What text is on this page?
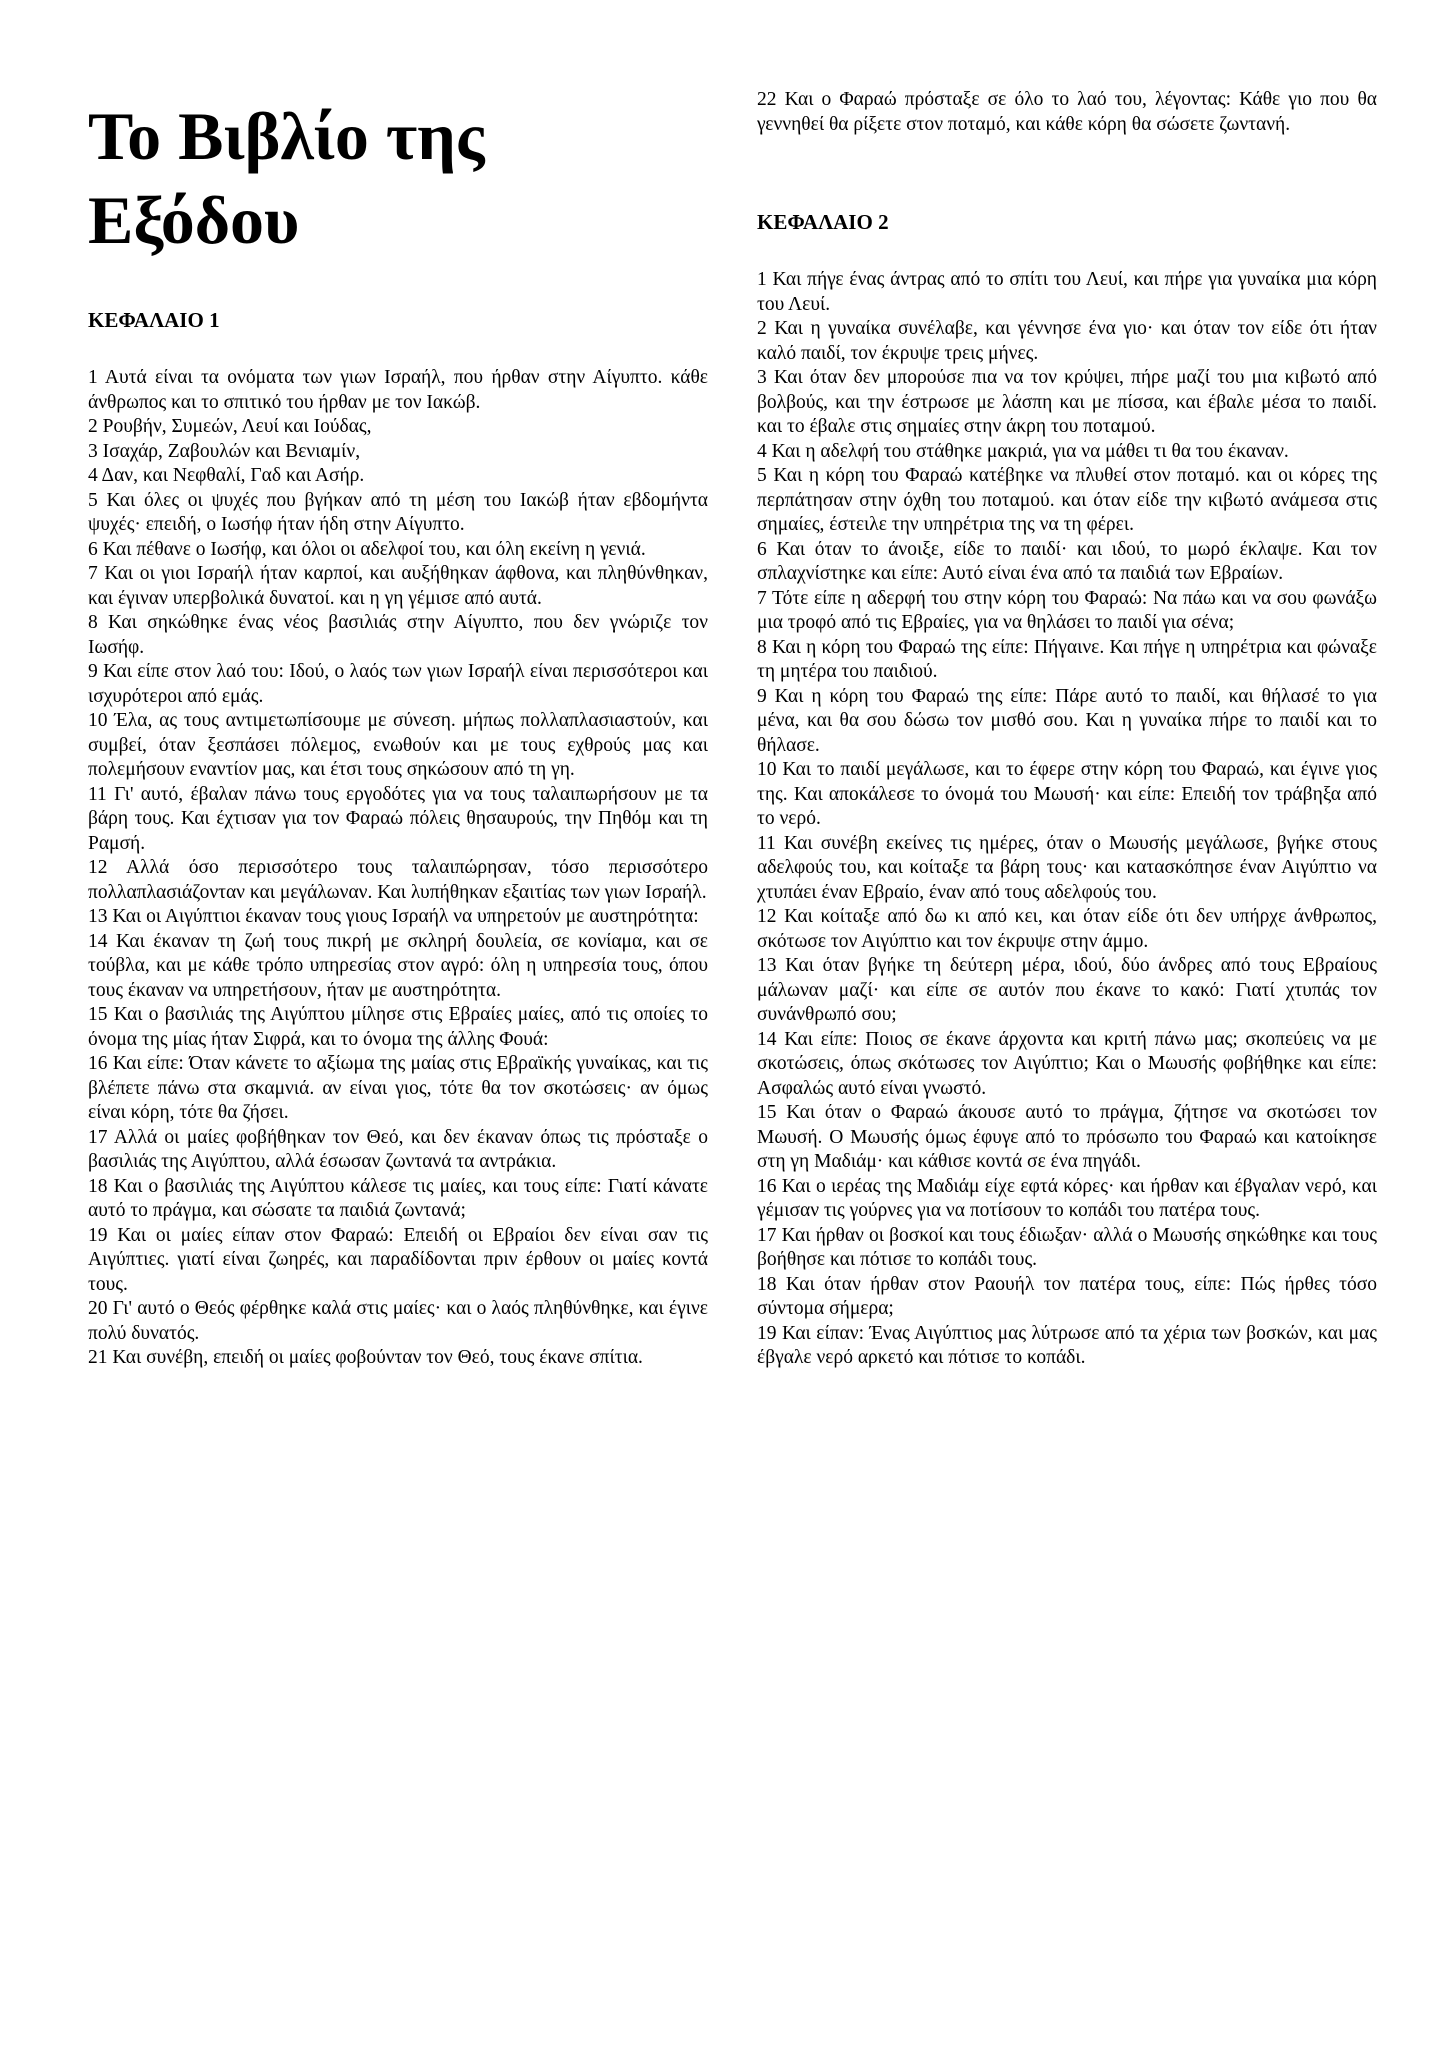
Το Βιβλίο της Εξόδου
ΚΕΦΑΛΑΙΟ 1
1 Αυτά είναι τα ονόματα των γιων Ισραήλ, που ήρθαν στην Αίγυπτο. κάθε άνθρωπος και το σπιτικό του ήρθαν με τον Ιακώβ.
2 Ρουβήν, Συμεών, Λευί και Ιούδας,
3 Ισαχάρ, Ζαβουλών και Βενιαμίν,
4 Δαν, και Νεφθαλί, Γαδ και Ασήρ.
5 Και όλες οι ψυχές που βγήκαν από τη μέση του Ιακώβ ήταν εβδομήντα ψυχές· επειδή, ο Ιωσήφ ήταν ήδη στην Αίγυπτο.
6 Και πέθανε ο Ιωσήφ, και όλοι οι αδελφοί του, και όλη εκείνη η γενιά.
7 Και οι γιοι Ισραήλ ήταν καρποί, και αυξήθηκαν άφθονα, και πληθύνθηκαν, και έγιναν υπερβολικά δυνατοί. και η γη γέμισε από αυτά.
8 Και σηκώθηκε ένας νέος βασιλιάς στην Αίγυπτο, που δεν γνώριζε τον Ιωσήφ.
9 Και είπε στον λαό του: Ιδού, ο λαός των γιων Ισραήλ είναι περισσότεροι και ισχυρότεροι από εμάς.
10 Έλα, ας τους αντιμετωπίσουμε με σύνεση. μήπως πολλαπλασιαστούν, και συμβεί, όταν ξεσπάσει πόλεμος, ενωθούν και με τους εχθρούς μας και πολεμήσουν εναντίον μας, και έτσι τους σηκώσουν από τη γη.
11 Γι' αυτό, έβαλαν πάνω τους εργοδότες για να τους ταλαιπωρήσουν με τα βάρη τους. Και έχτισαν για τον Φαραώ πόλεις θησαυρούς, την Πηθόμ και τη Ραμσή.
12 Αλλά όσο περισσότερο τους ταλαιπώρησαν, τόσο περισσότερο πολλαπλασιάζονταν και μεγάλωναν. Και λυπήθηκαν εξαιτίας των γιων Ισραήλ.
13 Και οι Αιγύπτιοι έκαναν τους γιους Ισραήλ να υπηρετούν με αυστηρότητα:
14 Και έκαναν τη ζωή τους πικρή με σκληρή δουλεία, σε κονίαμα, και σε τούβλα, και με κάθε τρόπο υπηρεσίας στον αγρό: όλη η υπηρεσία τους, όπου τους έκαναν να υπηρετήσουν, ήταν με αυστηρότητα.
15 Και ο βασιλιάς της Αιγύπτου μίλησε στις Εβραίες μαίες, από τις οποίες το όνομα της μίας ήταν Σιφρά, και το όνομα της άλλης Φουά:
16 Και είπε: Όταν κάνετε το αξίωμα της μαίας στις Εβραϊκής γυναίκας, και τις βλέπετε πάνω στα σκαμνιά. αν είναι γιος, τότε θα τον σκοτώσεις· αν όμως είναι κόρη, τότε θα ζήσει.
17 Αλλά οι μαίες φοβήθηκαν τον Θεό, και δεν έκαναν όπως τις πρόσταξε ο βασιλιάς της Αιγύπτου, αλλά έσωσαν ζωντανά τα αντράκια.
18 Και ο βασιλιάς της Αιγύπτου κάλεσε τις μαίες, και τους είπε: Γιατί κάνατε αυτό το πράγμα, και σώσατε τα παιδιά ζωντανά;
19 Και οι μαίες είπαν στον Φαραώ: Επειδή οι Εβραίοι δεν είναι σαν τις Αιγύπτιες. γιατί είναι ζωηρές, και παραδίδονται πριν έρθουν οι μαίες κοντά τους.
20 Γι' αυτό ο Θεός φέρθηκε καλά στις μαίες· και ο λαός πληθύνθηκε, και έγινε πολύ δυνατός.
21 Και συνέβη, επειδή οι μαίες φοβούνταν τον Θεό, τους έκανε σπίτια.
22 Και ο Φαραώ πρόσταξε σε όλο το λαό του, λέγοντας: Κάθε γιο που θα γεννηθεί θα ρίξετε στον ποταμό, και κάθε κόρη θα σώσετε ζωντανή.
ΚΕΦΑΛΑΙΟ 2
1 Και πήγε ένας άντρας από το σπίτι του Λευί, και πήρε για γυναίκα μια κόρη του Λευί.
2 Και η γυναίκα συνέλαβε, και γέννησε ένα γιο· και όταν τον είδε ότι ήταν καλό παιδί, τον έκρυψε τρεις μήνες.
3 Και όταν δεν μπορούσε πια να τον κρύψει, πήρε μαζί του μια κιβωτό από βολβούς, και την έστρωσε με λάσπη και με πίσσα, και έβαλε μέσα το παιδί. και το έβαλε στις σημαίες στην άκρη του ποταμού.
4 Και η αδελφή του στάθηκε μακριά, για να μάθει τι θα του έκαναν.
5 Και η κόρη του Φαραώ κατέβηκε να πλυθεί στον ποταμό. και οι κόρες της περπάτησαν στην όχθη του ποταμού. και όταν είδε την κιβωτό ανάμεσα στις σημαίες, έστειλε την υπηρέτρια της να τη φέρει.
6 Και όταν το άνοιξε, είδε το παιδί· και ιδού, το μωρό έκλαψε. Και τον σπλαχνίστηκε και είπε: Αυτό είναι ένα από τα παιδιά των Εβραίων.
7 Τότε είπε η αδερφή του στην κόρη του Φαραώ: Να πάω και να σου φωνάξω μια τροφό από τις Εβραίες, για να θηλάσει το παιδί για σένα;
8 Και η κόρη του Φαραώ της είπε: Πήγαινε. Και πήγε η υπηρέτρια και φώναξε τη μητέρα του παιδιού.
9 Και η κόρη του Φαραώ της είπε: Πάρε αυτό το παιδί, και θήλασέ το για μένα, και θα σου δώσω τον μισθό σου. Και η γυναίκα πήρε το παιδί και το θήλασε.
10 Και το παιδί μεγάλωσε, και το έφερε στην κόρη του Φαραώ, και έγινε γιος της. Και αποκάλεσε το όνομά του Μωυσή· και είπε: Επειδή τον τράβηξα από το νερό.
11 Και συνέβη εκείνες τις ημέρες, όταν ο Μωυσής μεγάλωσε, βγήκε στους αδελφούς του, και κοίταξε τα βάρη τους· και κατασκόπησε έναν Αιγύπτιο να χτυπάει έναν Εβραίο, έναν από τους αδελφούς του.
12 Και κοίταξε από δω κι από κει, και όταν είδε ότι δεν υπήρχε άνθρωπος, σκότωσε τον Αιγύπτιο και τον έκρυψε στην άμμο.
13 Και όταν βγήκε τη δεύτερη μέρα, ιδού, δύο άνδρες από τους Εβραίους μάλωναν μαζί· και είπε σε αυτόν που έκανε το κακό: Γιατί χτυπάς τον συνάνθρωπό σου;
14 Και είπε: Ποιος σε έκανε άρχοντα και κριτή πάνω μας; σκοπεύεις να με σκοτώσεις, όπως σκότωσες τον Αιγύπτιο; Και ο Μωυσής φοβήθηκε και είπε: Ασφαλώς αυτό είναι γνωστό.
15 Και όταν ο Φαραώ άκουσε αυτό το πράγμα, ζήτησε να σκοτώσει τον Μωυσή. Ο Μωυσής όμως έφυγε από το πρόσωπο του Φαραώ και κατοίκησε στη γη Μαδιάμ· και κάθισε κοντά σε ένα πηγάδι.
16 Και ο ιερέας της Μαδιάμ είχε εφτά κόρες· και ήρθαν και έβγαλαν νερό, και γέμισαν τις γούρνες για να ποτίσουν το κοπάδι του πατέρα τους.
17 Και ήρθαν οι βοσκοί και τους έδιωξαν· αλλά ο Μωυσής σηκώθηκε και τους βοήθησε και πότισε το κοπάδι τους.
18 Και όταν ήρθαν στον Ραουήλ τον πατέρα τους, είπε: Πώς ήρθες τόσο σύντομα σήμερα;
19 Και είπαν: Ένας Αιγύπτιος μας λύτρωσε από τα χέρια των βοσκών, και μας έβγαλε νερό αρκετό και πότισε το κοπάδι.
